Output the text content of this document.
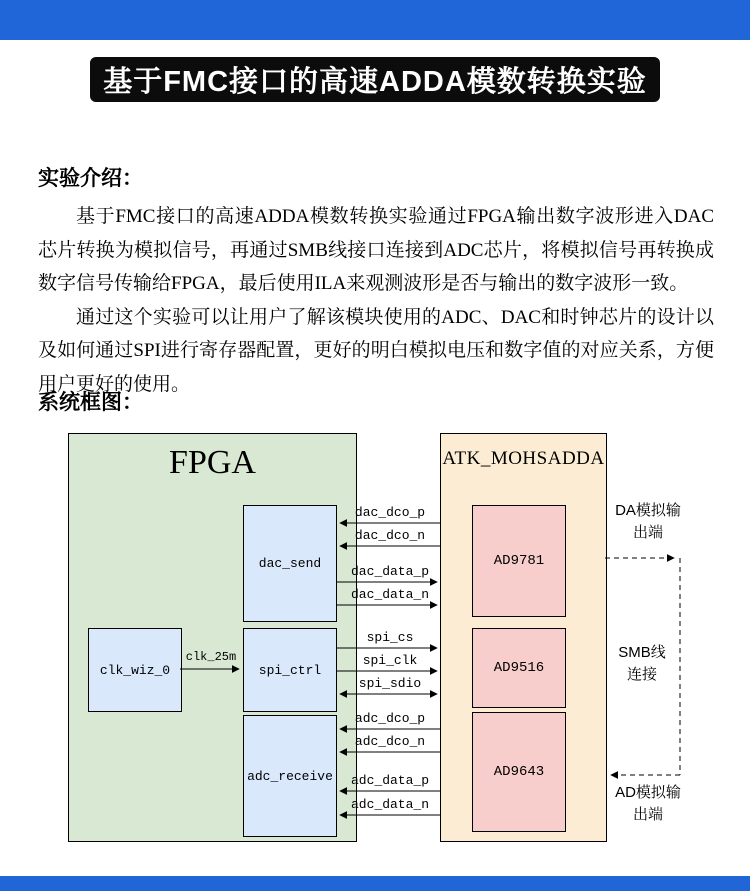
基于FMC接口的高速ADDA模数转换实验
实验介绍：

基于FMC接口的高速ADDA模数转换实验通过FPGA输出数字波形进入DAC芯片转换为模拟信号，再通过SMB线接口连接到ADC芯片，将模拟信号再转换成数字信号传输给FPGA，最后使用ILA来观测波形是否与输出的数字波形一致。

通过这个实验可以让用户了解该模块使用的ADC、DAC和时钟芯片的设计以及如何通过SPI进行寄存器配置，更好的明白模拟电压和数字值的对应关系，方便用户更好的使用。

系统框图：
FPGA	ATK_MOHSADDA
dac_send
clk_wiz_0	spi_ctrl
adc_receive
AD9781
AD9516
AD9643
clk_25m
dac_dco_p
dac_dco_n
dac_data_p
dac_data_n
spi_cs
spi_clk
spi_sdio
adc_dco_p
adc_dco_n
adc_data_p
adc_data_n
DA模拟输
出端
SMB线
连接
AD模拟输
出端
